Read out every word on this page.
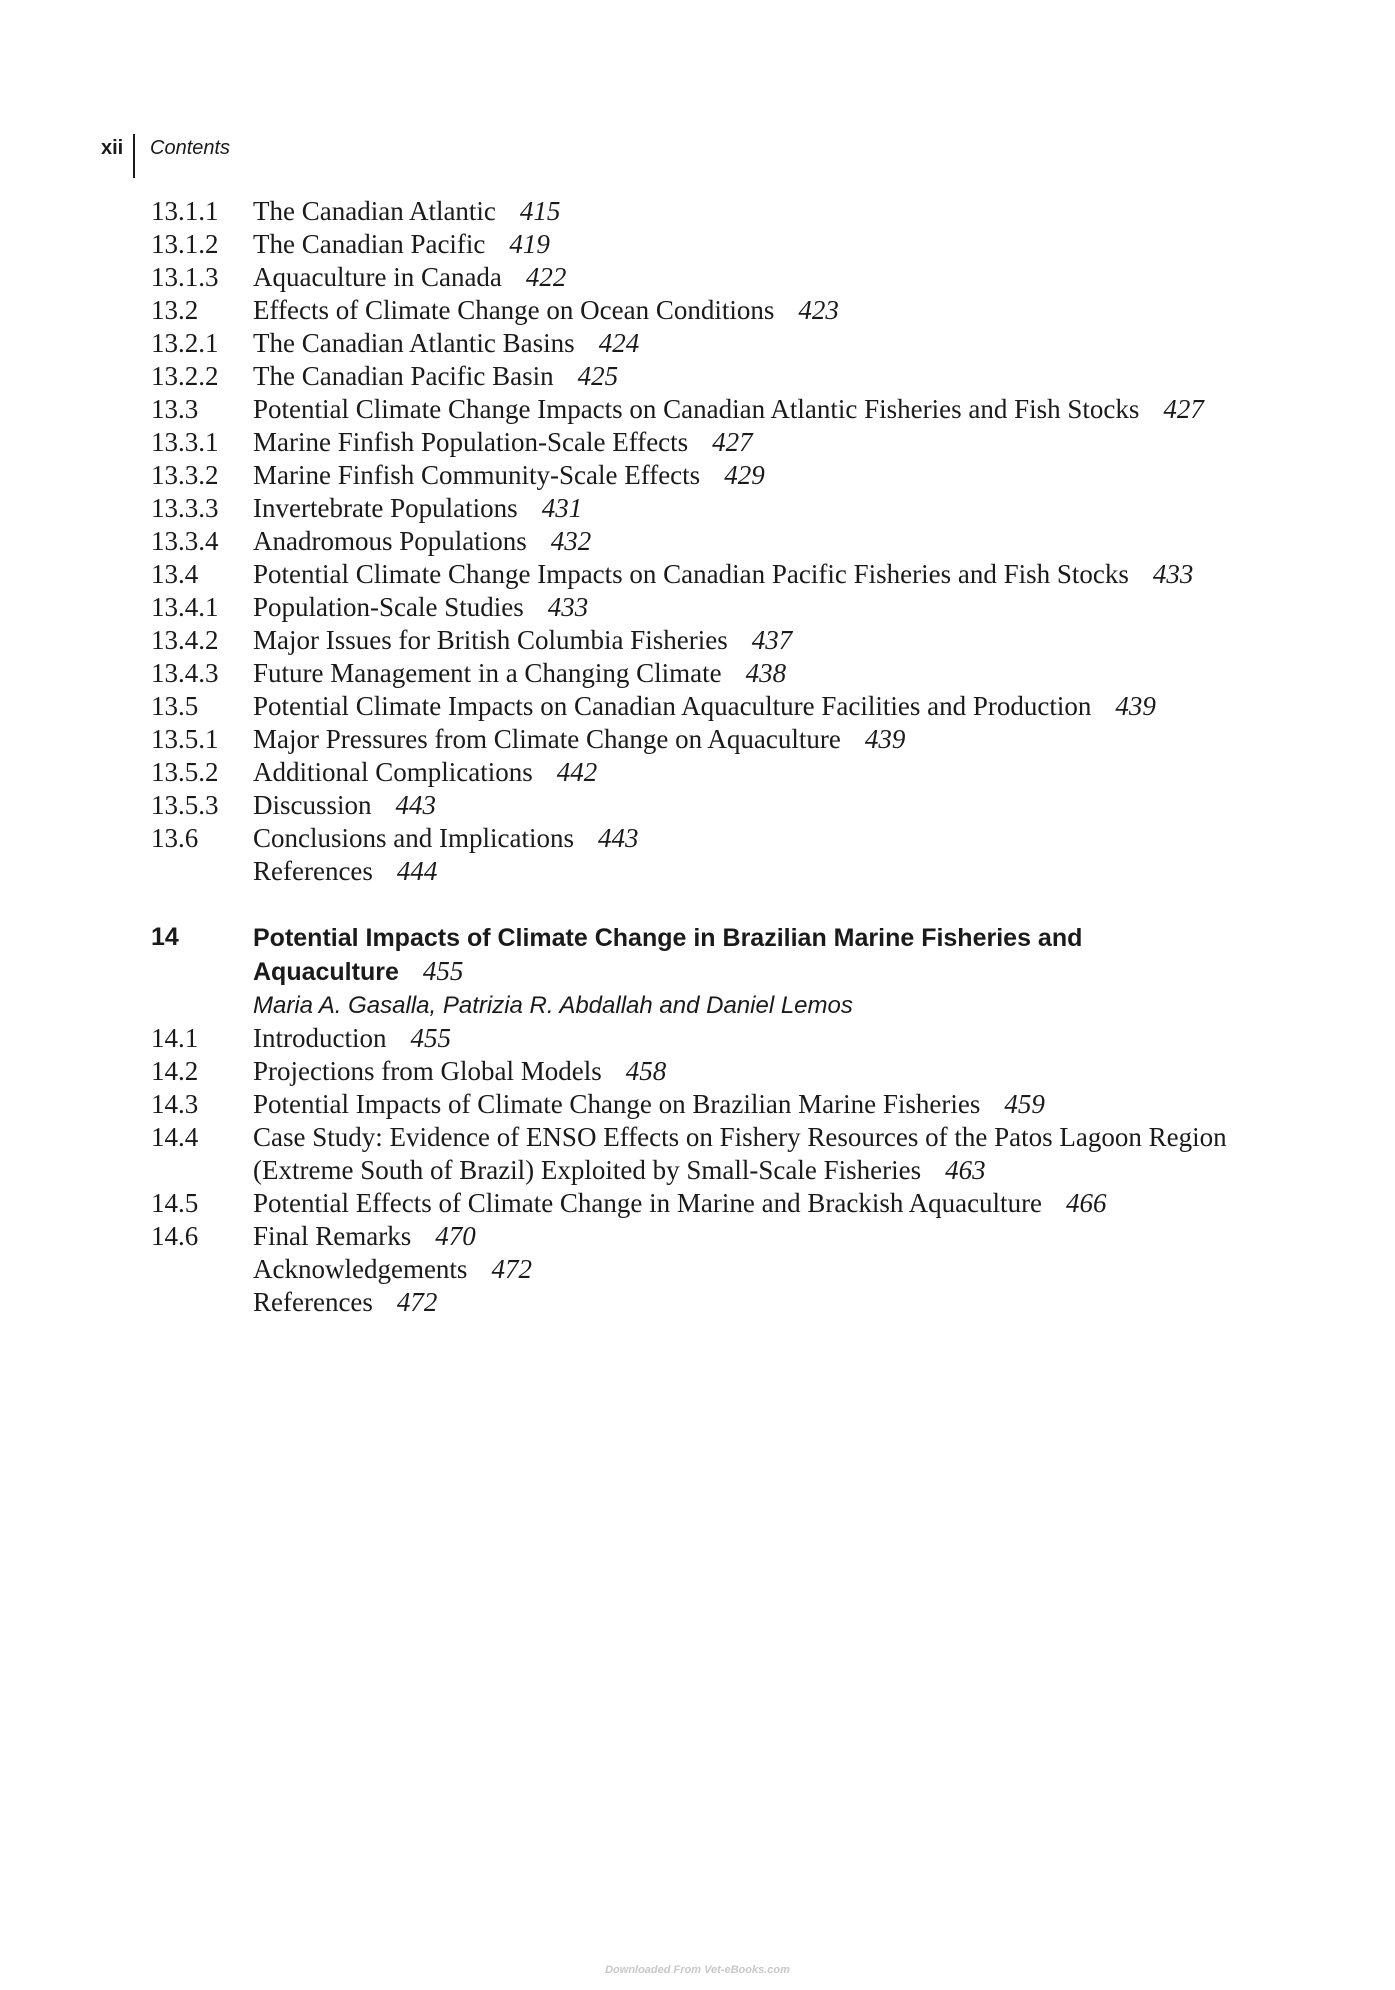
xii Contents
13.1.1	The Canadian Atlantic 415
13.1.2	The Canadian Pacific 419
13.1.3	Aquaculture in Canada 422
13.2	Effects of Climate Change on Ocean Conditions 423
13.2.1	The Canadian Atlantic Basins 424
13.2.2	The Canadian Pacific Basin 425
13.3	Potential Climate Change Impacts on Canadian Atlantic Fisheries and Fish Stocks 427
13.3.1	Marine Finfish Population-Scale Effects 427
13.3.2	Marine Finfish Community-Scale Effects 429
13.3.3	Invertebrate Populations 431
13.3.4	Anadromous Populations 432
13.4	Potential Climate Change Impacts on Canadian Pacific Fisheries and Fish Stocks 433
13.4.1	Population-Scale Studies 433
13.4.2	Major Issues for British Columbia Fisheries 437
13.4.3	Future Management in a Changing Climate 438
13.5	Potential Climate Impacts on Canadian Aquaculture Facilities and Production 439
13.5.1	Major Pressures from Climate Change on Aquaculture 439
13.5.2	Additional Complications 442
13.5.3	Discussion 443
13.6	Conclusions and Implications 443
References 444
14	Potential Impacts of Climate Change in Brazilian Marine Fisheries and Aquaculture 455
Maria A. Gasalla, Patrizia R. Abdallah and Daniel Lemos
14.1	Introduction 455
14.2	Projections from Global Models 458
14.3	Potential Impacts of Climate Change on Brazilian Marine Fisheries 459
14.4	Case Study: Evidence of ENSO Effects on Fishery Resources of the Patos Lagoon Region (Extreme South of Brazil) Exploited by Small-Scale Fisheries 463
14.5	Potential Effects of Climate Change in Marine and Brackish Aquaculture 466
14.6	Final Remarks 470
Acknowledgements 472
References 472
Downloaded From Vet-eBooks.com
